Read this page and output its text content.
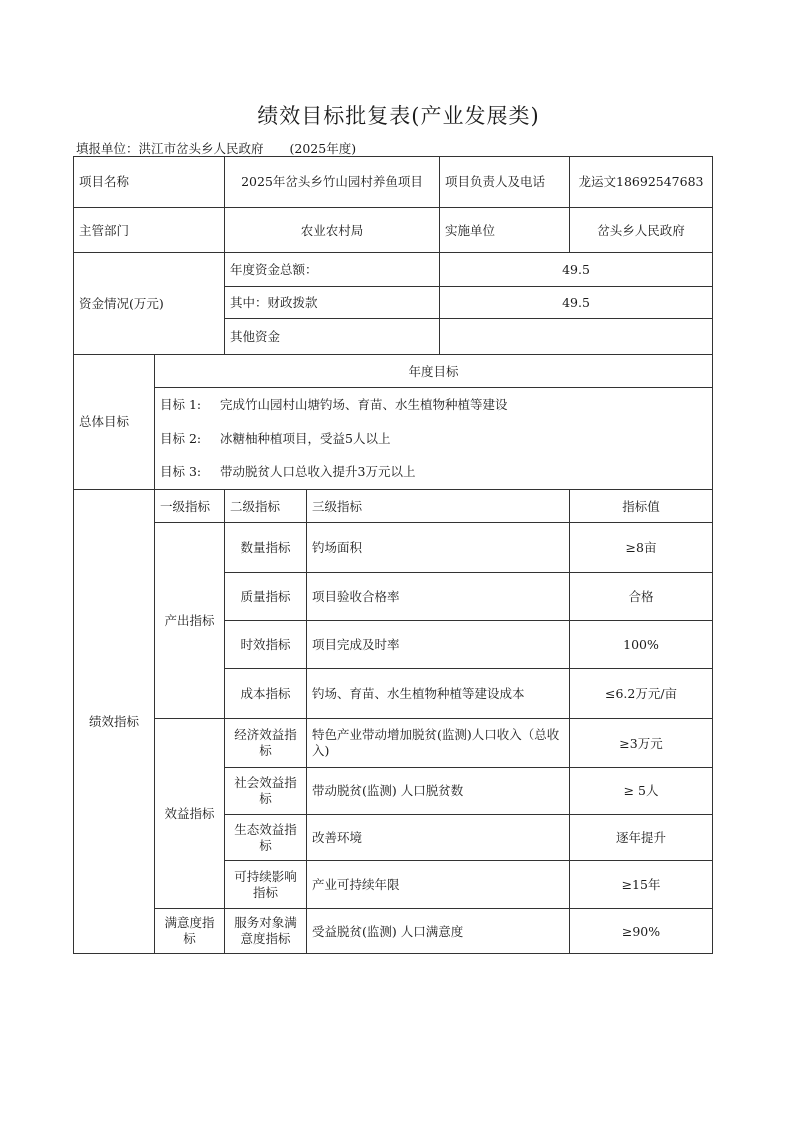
绩效目标批复表(产业发展类)
填报单位：洪江市岔头乡人民政府 (2025年度)
项目名称		2025年岔头乡竹山园村养鱼项目		项目负责人及电话	龙运文18692547683
主管部门		农业农村局		实施单位	岔头乡人民政府
资金情况(万元)		年度资金总额：		49.5	
		其中：财政拨款		49.5	
		其他资金			
总体目标	年度目标				
	目标 1: 完成竹山园村山塘钓场、育苗、水生植物种植等建设				
	目标 2: 冰糖柚种植项目，受益5人以上				
	目标 3: 带动脱贫人口总收入提升3万元以上				
绩效指标	一级指标	二级指标	三级指标		指标值
	产出指标	数量指标	钓场面积		≥8亩
		质量指标	项目验收合格率		合格
		时效指标	项目完成及时率		100%
		成本指标	钓场、育苗、水生植物种植等建设成本		≤6.2万元/亩
	效益指标	经济效益指标	特色产业带动增加脱贫(监测)人口收入（总收入)		≥3万元
		社会效益指标	带动脱贫(监测) 人口脱贫数		≥ 5人
		生态效益指标	改善环境		逐年提升
		可持续影响指标	产业可持续年限		≥15年
	满意度指标	服务对象满意度指标	受益脱贫(监测) 人口满意度		≥90%
